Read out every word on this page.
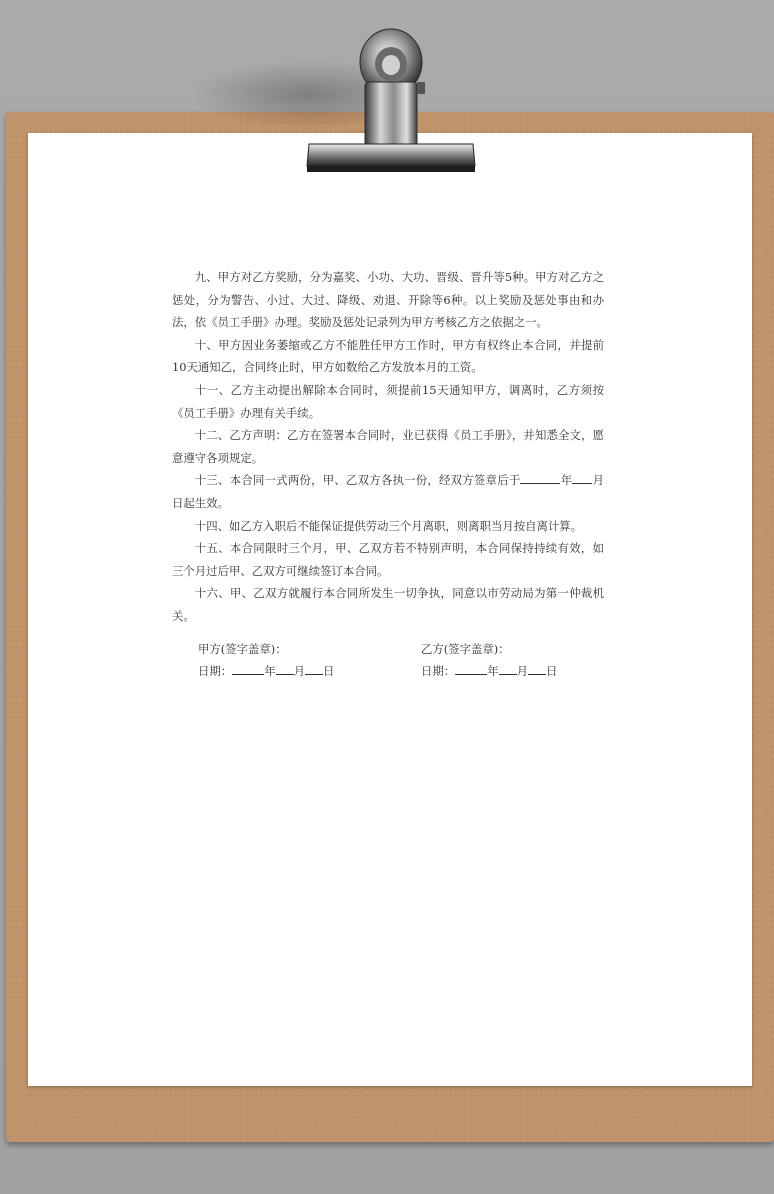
九、甲方对乙方奖励，分为嘉奖、小功、大功、晋级、晋升等5种。甲方对乙方之惩处，分为警告、小过、大过、降级、劝退、开除等6种。以上奖励及惩处事由和办法，依《员工手册》办理。奖励及惩处记录列为甲方考核乙方之依据之一。

十、甲方因业务萎缩或乙方不能胜任甲方工作时，甲方有权终止本合同，并提前10天通知乙，合同终止时，甲方如数给乙方发放本月的工资。

十一、乙方主动提出解除本合同时，须提前15天通知甲方，调离时，乙方须按《员工手册》办理有关手续。

十二、乙方声明：乙方在签署本合同时，业已获得《员工手册》，并知悉全文，愿意遵守各项规定。

十三、本合同一式两份，甲、乙双方各执一份，经双方签章后于	年 月日起生效。

十四、如乙方入职后不能保证提供劳动三个月离职，则离职当月按自离计算。

十五、本合同限时三个月，甲、乙双方若不特别声明，本合同保持持续有效，如三个月过后甲、乙双方可继续签订本合同。

十六、甲、乙双方就履行本合同所发生一切争执，同意以市劳动局为第一仲裁机关。

甲方(签字盖章)：
日期：	年 月 日
乙方(签字盖章)：
日期：	年 月 日
